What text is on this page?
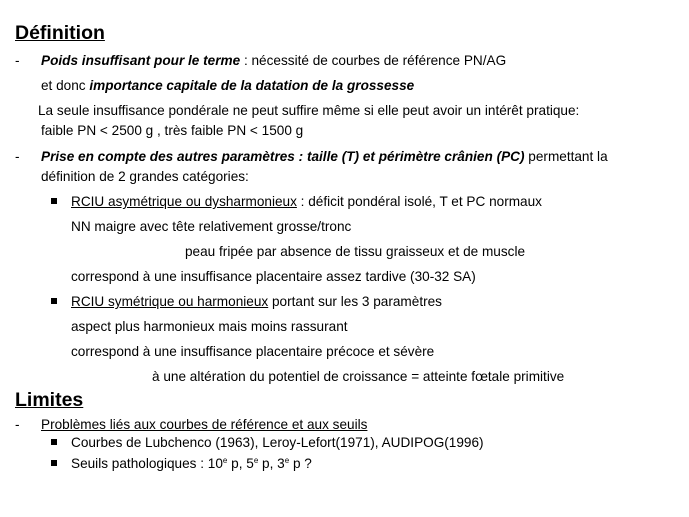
Définition
- Poids insuffisant pour le terme : nécessité de courbes de référence PN/AG
et donc importance capitale de la datation de la grossesse
La seule insuffisance pondérale ne peut suffire même si elle peut avoir un intérêt pratique:
faible PN < 2500 g , très faible PN < 1500 g
- Prise en compte des autres paramètres : taille (T) et périmètre crânien (PC) permettant la
définition de 2 grandes catégories:
RCIU asymétrique ou dysharmonieux : déficit pondéral isolé, T et PC normaux
NN maigre avec tête relativement grosse/tronc
peau fripée par absence de tissu graisseux et de muscle
correspond à une insuffisance placentaire assez tardive (30-32 SA)
RCIU symétrique ou harmonieux portant sur les 3 paramètres
aspect plus harmonieux mais moins rassurant
correspond à une insuffisance placentaire précoce et sévère
à une altération du potentiel de croissance = atteinte fœtale primitive
Limites
- Problèmes liés aux courbes de référence et aux seuils
Courbes de Lubchenco (1963), Leroy-Lefort(1971), AUDIPOG(1996)
Seuils pathologiques : 10e p, 5e p, 3e p ?
